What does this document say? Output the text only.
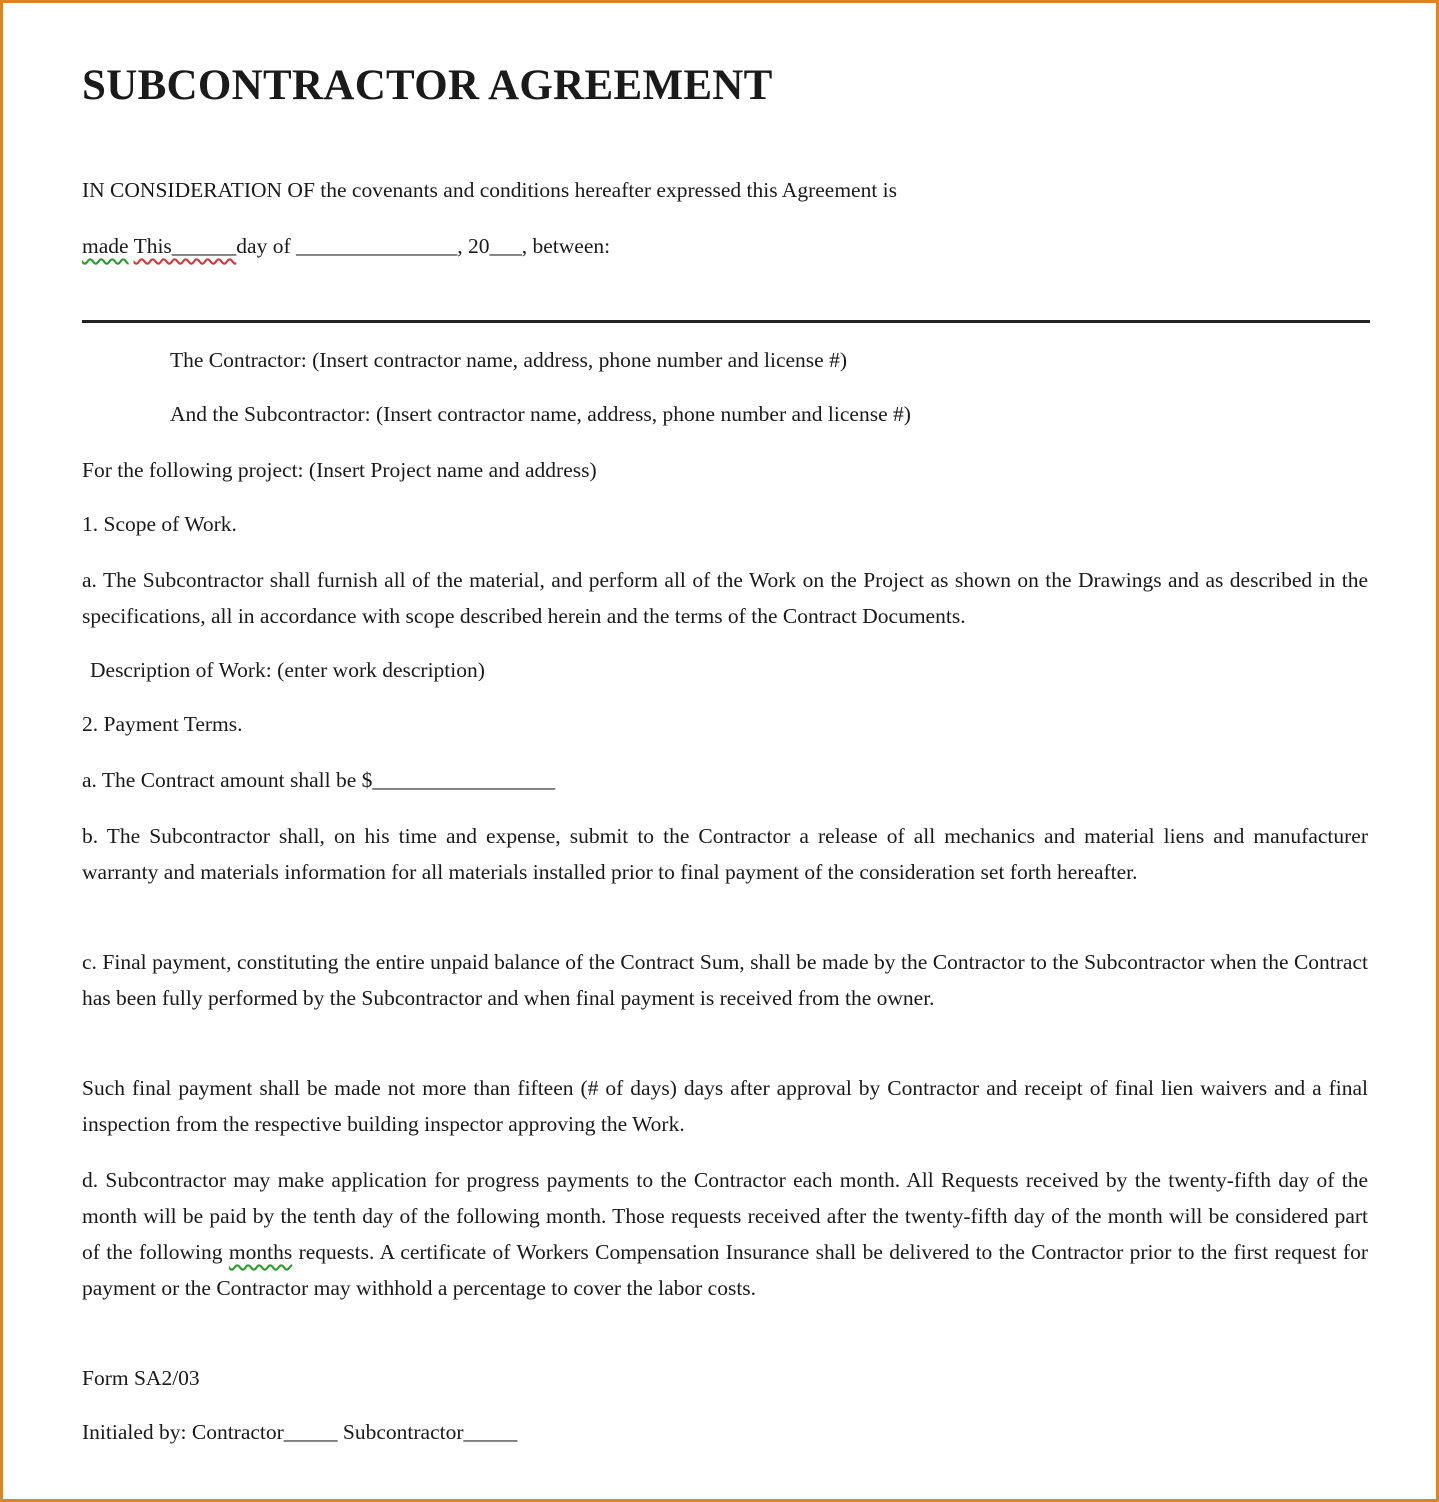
SUBCONTRACTOR AGREEMENT
IN CONSIDERATION OF the covenants and conditions hereafter expressed this Agreement is
made This______day of _______________, 20___, between:
The Contractor: (Insert contractor name, address, phone number and license #)
And the Subcontractor: (Insert contractor name, address, phone number and license #)
For the following project: (Insert Project name and address)
1. Scope of Work.
a. The Subcontractor shall furnish all of the material, and perform all of the Work on the Project as shown on the Drawings and as described in the specifications, all in accordance with scope described herein and the terms of the Contract Documents.
Description of Work: (enter work description)
2. Payment Terms.
a. The Contract amount shall be $_________________
b. The Subcontractor shall, on his time and expense, submit to the Contractor a release of all mechanics and material liens and manufacturer warranty and materials information for all materials installed prior to final payment of the consideration set forth hereafter.
c. Final payment, constituting the entire unpaid balance of the Contract Sum, shall be made by the Contractor to the Subcontractor when the Contract has been fully performed by the Subcontractor and when final payment is received from the owner.
Such final payment shall be made not more than fifteen (# of days) days after approval by Contractor and receipt of final lien waivers and a final inspection from the respective building inspector approving the Work.
d. Subcontractor may make application for progress payments to the Contractor each month. All Requests received by the twenty-fifth day of the month will be paid by the tenth day of the following month. Those requests received after the twenty-fifth day of the month will be considered part of the following months requests. A certificate of Workers Compensation Insurance shall be delivered to the Contractor prior to the first request for payment or the Contractor may withhold a percentage to cover the labor costs.
Form SA2/03
Initialed by: Contractor_____ Subcontractor_____
